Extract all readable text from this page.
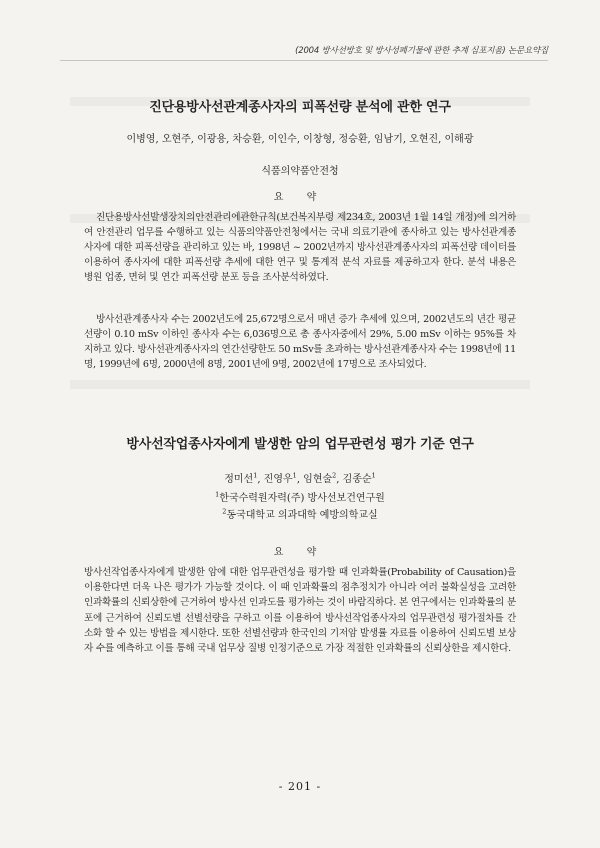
(2004 방사선방호 및 방사성폐기물에 관한 추계 심포지움) 논문요약집
진단용방사선관계종사자의 피폭선량 분석에 관한 연구
이병영, 오현주, 이광용, 차승환, 이인수, 이창형, 정승환, 임남기, 오현진, 이해광
식품의약품안전청
요 약

진단용방사선발생장치의안전관리에관한규칙(보건복지부령 제234호, 2003년 1월 14일 개정)에 의거하여 안전관리 업무를 수행하고 있는 식품의약품안전청에서는 국내 의료기관에 종사하고 있는 방사선관계종사자에 대한 피폭선량을 관리하고 있는 바, 1998년 ~ 2002년까지 방사선관계종사자의 피폭선량 데이터를 이용하여 종사자에 대한 피폭선량 추세에 대한 연구 및 통계적 분석 자료를 제공하고자 한다. 분석 내용은 병원 업종, 면허 및 연간 피폭선량 분포 등을 조사분석하였다.

방사선관계종사자 수는 2002년도에 25,672명으로서 매년 증가 추세에 있으며, 2002년도의 년간 평균선량이 0.10 mSv 이하인 종사자 수는 6,036명으로 총 종사자중에서 29%, 5.00 mSv 이하는 95%를 차지하고 있다. 방사선관계종사자의 연간선량한도 50 mSv를 초과하는 방사선관계종사자 수는 1998년에 11명, 1999년에 6명, 2000년에 8명, 2001년에 9명, 2002년에 17명으로 조사되었다.

방사선작업종사자에게 발생한 암의 업무관련성 평가 기준 연구
정미선$^1$, 진영우$^1$, 임현술$^2$, 김종순$^1$
$^1$한국수력원자력(주) 방사선보건연구원
$^2$동국대학교 의과대학 예방의학교실
요 약

방사선작업종사자에게 발생한 암에 대한 업무관련성을 평가할 때 인과확률(Probability of Causation)을 이용한다면 더욱 나은 평가가 가능할 것이다. 이 때 인과확률의 점추정치가 아니라 여러 불확실성을 고려한 인과확률의 신뢰상한에 근거하여 방사선 인과도를 평가하는 것이 바람직하다. 본 연구에서는 인과확률의 분포에 근거하여 신뢰도별 선별선량을 구하고 이를 이용하여 방사선작업종사자의 업무관련성 평가절차를 간소화 할 수 있는 방법을 제시한다. 또한 선별선량과 한국인의 기저암 발생률 자료를 이용하여 신뢰도별 보상자 수를 예측하고 이를 통해 국내 업무상 질병 인정기준으로 가장 적절한 인과확률의 신뢰상한을 제시한다.

- 201 -
